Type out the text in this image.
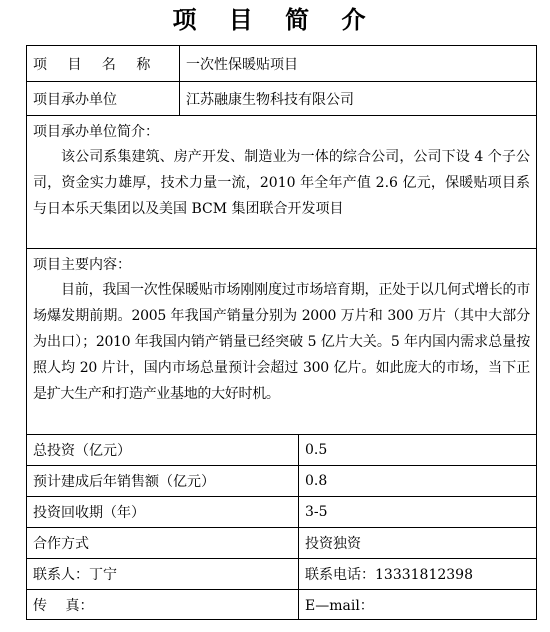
项 目 简 介
项 目 名 称	一次性保暖贴项目	
项目承办单位	江苏融康生物科技有限公司	

项目承办单位简介：
该公司系集建筑、房产开发、制造业为一体的综合公司，公司下设 4 个子公司，资金实力雄厚，技术力量一流，2010 年全年产值 2.6 亿元，保暖贴项目系与日本乐天集团以及美国 BCM 集团联合开发项目		

项目主要内容：
目前，我国一次性保暖贴市场刚刚度过市场培育期，正处于以几何式增长的市场爆发期前期。2005 年我国产销量分别为 2000 万片和 300 万片（其中大部分为出口）；2010 年我国内销产销量已经突破 5 亿片大关。5 年内国内需求总量按照人均 20 片计，国内市场总量预计会超过 300 亿片。如此庞大的市场，当下正是扩大生产和打造产业基地的大好时机。		

总投资（亿元）		0.5
预计建成后年销售额（亿元）		0.8
投资回收期（年）		3-5
合作方式		投资独资
联系人：丁宁		联系电话：13331812398
传　 真：		E—mail：
